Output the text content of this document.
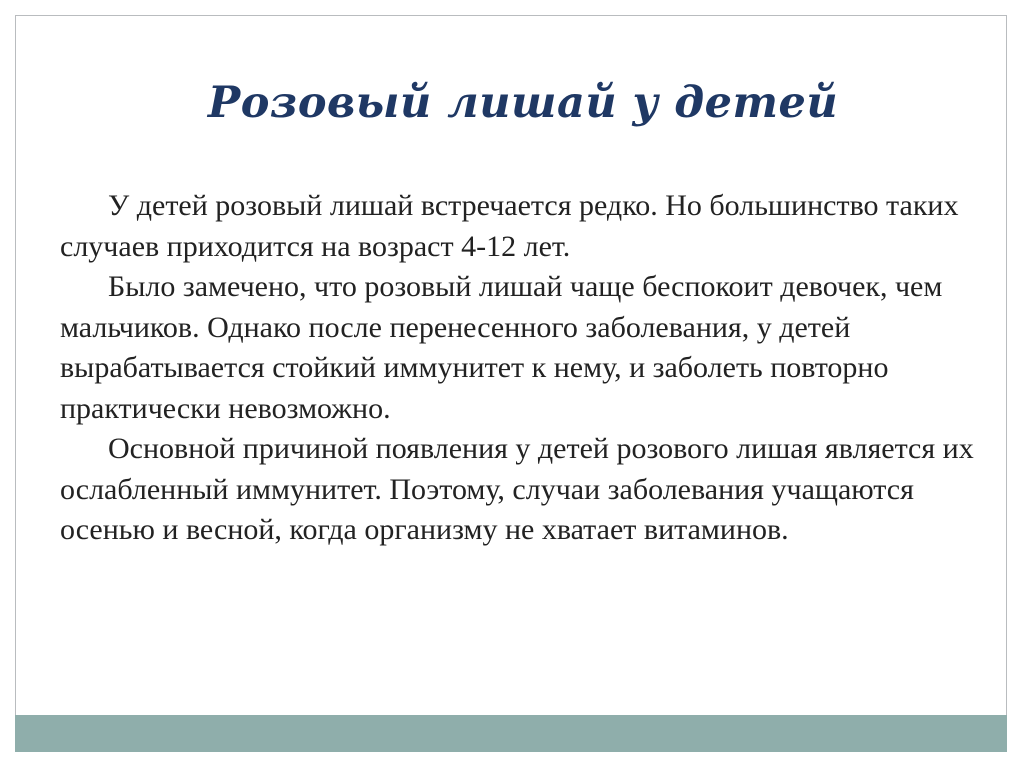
Розовый лишай у детей

У детей розовый лишай встречается редко. Но большинство таких случаев приходится на возраст 4-12 лет.

Было замечено, что розовый лишай чаще беспокоит девочек, чем мальчиков. Однако после перенесенного заболевания, у детей вырабатывается стойкий иммунитет к нему, и заболеть повторно практически невозможно.

Основной причиной появления у детей розового лишая является их ослабленный иммунитет. Поэтому, случаи заболевания учащаются осенью и весной, когда организму не хватает витаминов.
